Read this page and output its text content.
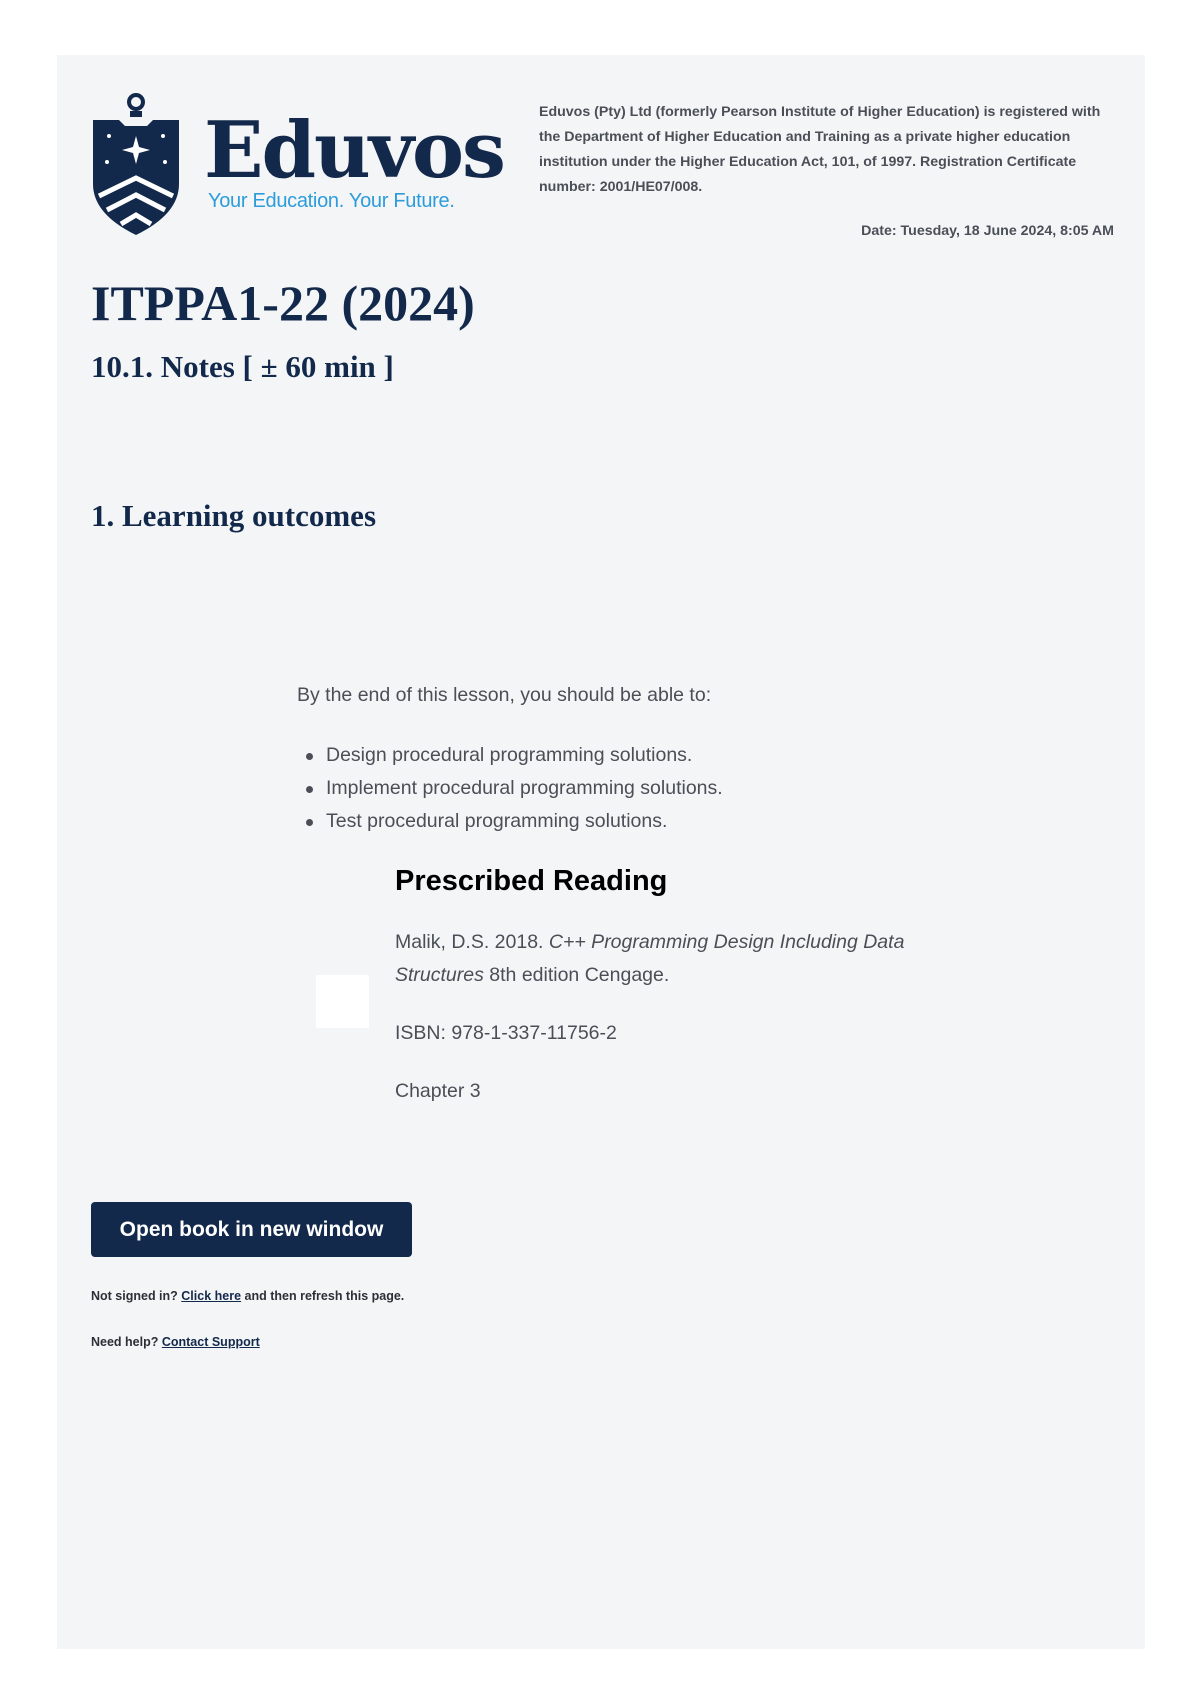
Eduvos
Your Education. Your Future.
Eduvos (Pty) Ltd (formerly Pearson Institute of Higher Education) is registered with the Department of Higher Education and Training as a private higher education institution under the Higher Education Act, 101, of 1997. Registration Certificate number: 2001/HE07/008.
Date: Tuesday, 18 June 2024, 8:05 AM
ITPPA1-22 (2024)
10.1. Notes [ ± 60 min ]
1. Learning outcomes
By the end of this lesson, you should be able to:
Design procedural programming solutions.
Implement procedural programming solutions.
Test procedural programming solutions.
Prescribed Reading

Malik, D.S. 2018. C++ Programming Design Including Data Structures 8th edition Cengage.

ISBN: 978-1-337-11756-2

Chapter 3

Open book in new window
Not signed in? Click here and then refresh this page.
Need help? Contact Support
